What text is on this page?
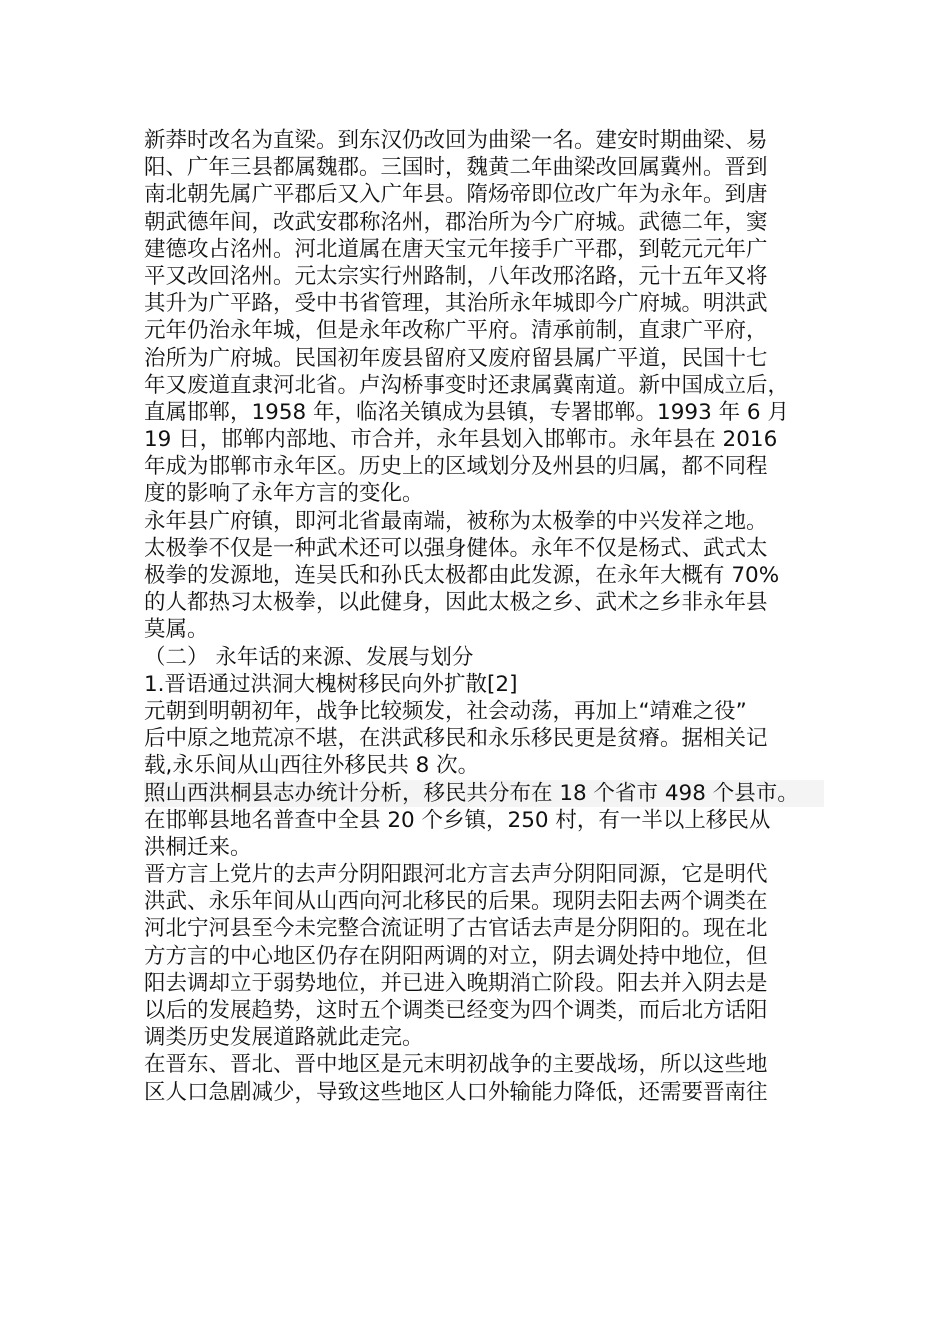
新莽时改名为直梁。到东汉仍改回为曲梁一名。建安时期曲梁、易
阳、广年三县都属魏郡。三国时，魏黄二年曲梁改回属冀州。晋到
南北朝先属广平郡后又入广年县。隋炀帝即位改广年为永年。到唐
朝武德年间，改武安郡称洺州，郡治所为今广府城。武德二年，窦
建德攻占洺州。河北道属在唐天宝元年接手广平郡，到乾元元年广
平又改回洺州。元太宗实行州路制，八年改邢洺路，元十五年又将
其升为广平路，受中书省管理，其治所永年城即今广府城。明洪武
元年仍治永年城，但是永年改称广平府。清承前制，直隶广平府，
治所为广府城。民国初年废县留府又废府留县属广平道，民国十七
年又废道直隶河北省。卢沟桥事变时还隶属冀南道。新中国成立后，
直属邯郸，1958 年，临洺关镇成为县镇，专署邯郸。1993 年 6 月
19 日，邯郸内部地、市合并，永年县划入邯郸市。永年县在 2016
年成为邯郸市永年区。历史上的区域划分及州县的归属，都不同程
度的影响了永年方言的变化。
永年县广府镇，即河北省最南端，被称为太极拳的中兴发祥之地。
太极拳不仅是一种武术还可以强身健体。永年不仅是杨式、武式太
极拳的发源地，连吴氏和孙氏太极都由此发源，在永年大概有 70%
的人都热习太极拳，以此健身，因此太极之乡、武术之乡非永年县
莫属。
（二） 永年话的来源、发展与划分
1.晋语通过洪洞大槐树移民向外扩散[2]
元朝到明朝初年，战争比较频发，社会动荡，再加上“靖难之役”
后中原之地荒凉不堪，在洪武移民和永乐移民更是贫瘠。据相关记
载,永乐间从山西往外移民共 8 次。
照山西洪桐县志办统计分析，移民共分布在 18 个省市 498 个县市。
在邯郸县地名普查中全县 20 个乡镇，250 村，有一半以上移民从
洪桐迁来。
晋方言上党片的去声分阴阳跟河北方言去声分阴阳同源，它是明代
洪武、永乐年间从山西向河北移民的后果。现阴去阳去两个调类在
河北宁河县至今未完整合流证明了古官话去声是分阴阳的。现在北
方方言的中心地区仍存在阴阳两调的对立，阴去调处持中地位，但
阳去调却立于弱势地位，并已进入晚期消亡阶段。阳去并入阴去是
以后的发展趋势，这时五个调类已经变为四个调类，而后北方话阳
调类历史发展道路就此走完。
在晋东、晋北、晋中地区是元末明初战争的主要战场，所以这些地
区人口急剧减少，导致这些地区人口外输能力降低，还需要晋南往
